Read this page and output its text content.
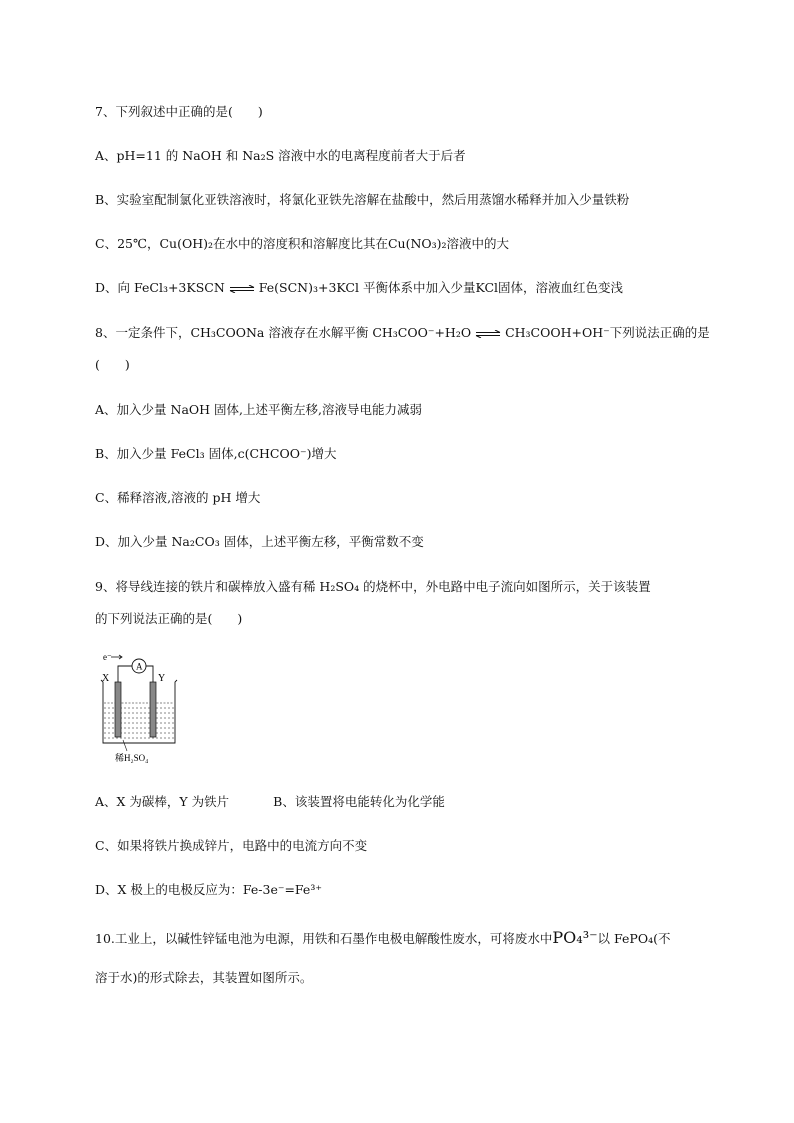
7、下列叙述中正确的是(　　)
A、pH=11 的 NaOH 和 Na₂S 溶液中水的电离程度前者大于后者
B、实验室配制氯化亚铁溶液时，将氯化亚铁先溶解在盐酸中，然后用蒸馏水稀释并加入少量铁粉
C、25℃，Cu(OH)₂在水中的溶度积和溶解度比其在Cu(NO₃)₂溶液中的大
D、向 FeCl₃+3KSCN ⇌ Fe(SCN)₃+3KCl 平衡体系中加入少量KCl固体，溶液血红色变浅
8、一定条件下，CH₃COONa 溶液存在水解平衡 CH₃COO⁻+H₂O ⇌ CH₃COOH+OH⁻下列说法正确的是
(　　)
A、加入少量 NaOH 固体,上述平衡左移,溶液导电能力减弱
B、加入少量 FeCl₃ 固体,c(CHCOO⁻)增大
C、稀释溶液,溶液的 pH 增大
D、加入少量 Na₂CO₃ 固体，上述平衡左移，平衡常数不变
9、将导线连接的铁片和碳棒放入盛有稀 H₂SO₄ 的烧杯中，外电路中电子流向如图所示，关于该装置
的下列说法正确的是(　　)
e⁻
A
X	Y
稀H₂SO₄
A、X 为碳棒，Y 为铁片	B、该装置将电能转化为化学能
C、如果将铁片换成锌片，电路中的电流方向不变
D、X 极上的电极反应为：Fe-3e⁻=Fe³⁺
10.工业上，以碱性锌锰电池为电源，用铁和石墨作电极电解酸性废水，可将废水中PO₄³⁻以 FePO₄(不
溶于水)的形式除去，其装置如图所示。
